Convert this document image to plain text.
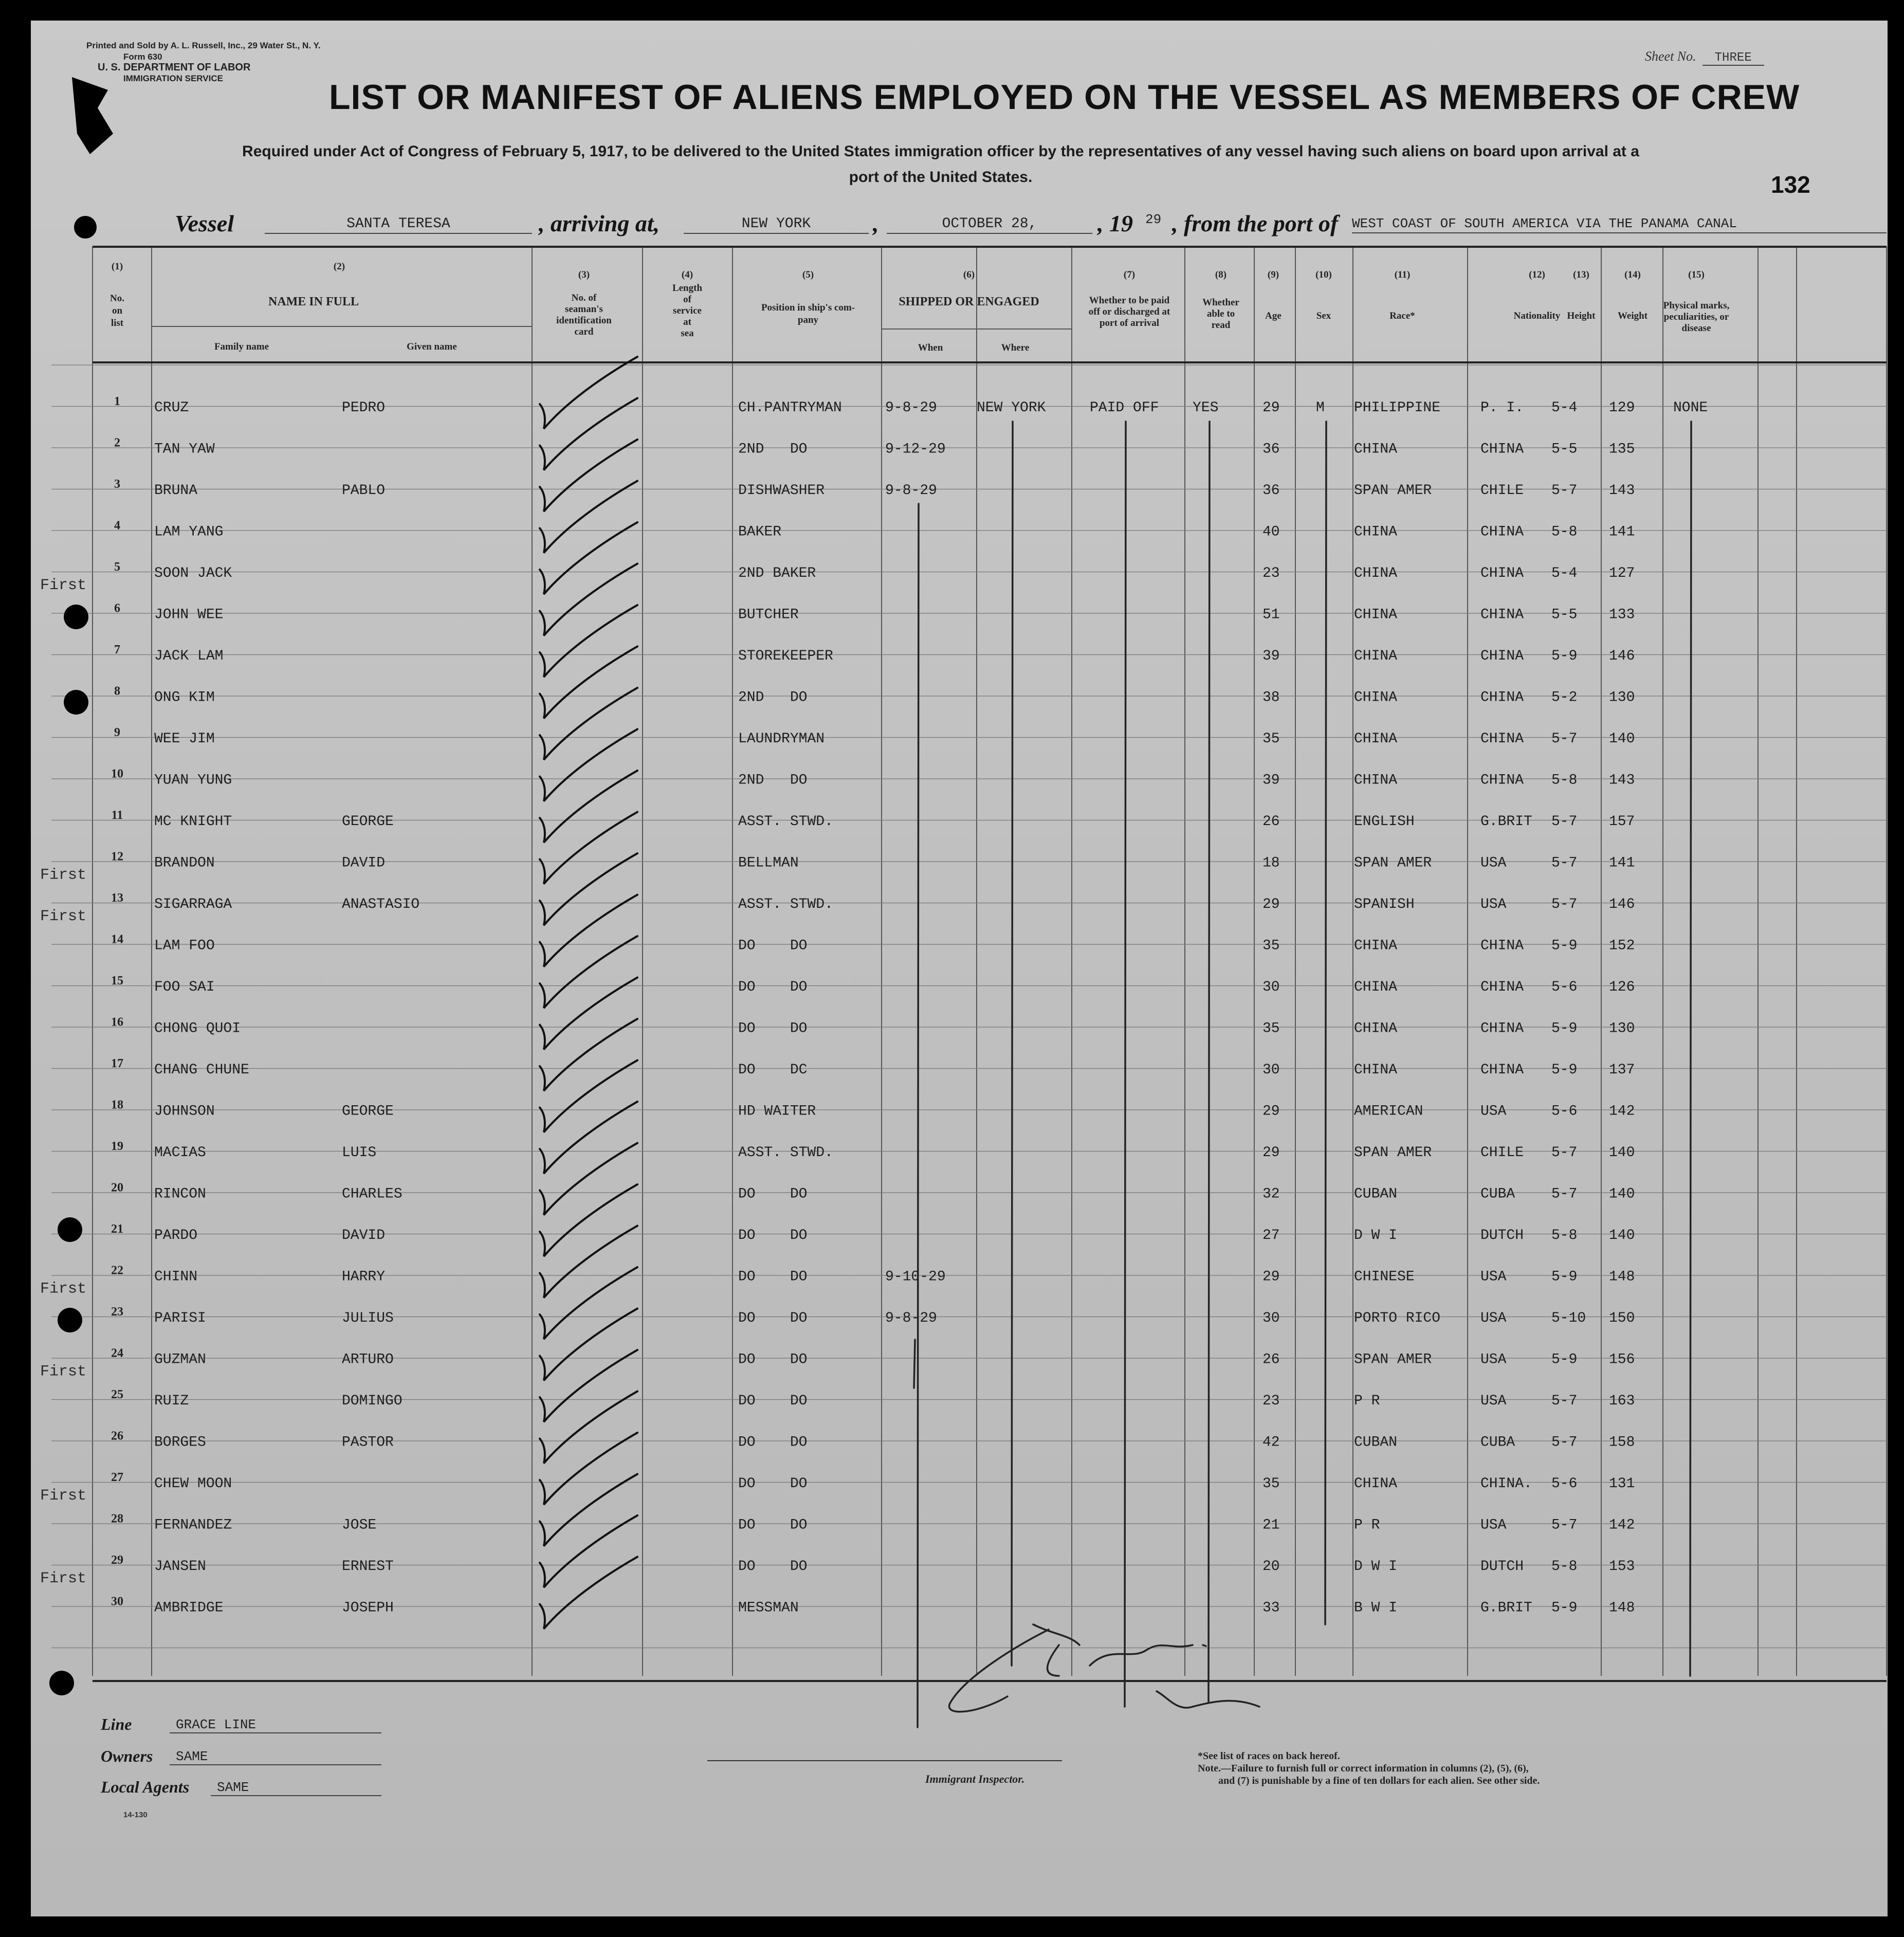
Printed and Sold by A. L. Russell, Inc., 29 Water St., N. Y.
Form 630
U. S. DEPARTMENT OF LABOR
IMMIGRATION SERVICE
Sheet No. THREE
LIST OR MANIFEST OF ALIENS EMPLOYED ON THE VESSEL AS MEMBERS OF CREW
Required under Act of Congress of February 5, 1917, to be delivered to the United States immigration officer by the representatives of any vessel having such aliens on board upon arrival at a
port of the United States.	132
Vessel	SANTA TERESA	, arriving at,	NEW YORK	,	OCTOBER 28,	, 19 29 , from the port of WEST COAST OF SOUTH AMERICA VIA THE PANAMA CANAL
(1)
No.
on
list
(2)
NAME IN FULL
Family name	Given name
(3)
No. of
seaman's
identification
card
(4)
Length
of
service
at
sea
(5)
Position in ship's com-
pany
(6)
SHIPPED OR ENGAGED
When	Where
(7)
Whether to be paid
off or discharged at
port of arrival
(8)
Whether
able to
read
(9)
Age
(10)
Sex
(11)
Race*
(12)
Nationality
(13)
Height
(14)
Weight
(15)
Physical marks,
peculiarities, or
disease
1 CRUZ	PEDRO	CH.PANTRYMAN	9-8-29	NEW YORK	PAID OFF YES	29	M PHILIPPINE	P. I. 5-4 129	NONE
2 TAN YAW	2ND   DO	9-12-29	36	CHINA	CHINA 5-5 135
3 BRUNA	PABLO	DISHWASHER	9-8-29	36	SPAN AMER	CHILE 5-7 143
4 LAM YANG	BAKER	40	CHINA	CHINA 5-8 141
5 SOON JACK	2ND BAKER	23	CHINA	CHINA 5-4 127
First
6 JOHN WEE	BUTCHER	51	CHINA	CHINA 5-5 133
7 JACK LAM	STOREKEEPER	39	CHINA	CHINA 5-9 146
8 ONG KIM	2ND   DO	38	CHINA	CHINA 5-2 130
9 WEE JIM	LAUNDRYMAN	35	CHINA	CHINA 5-7 140
10 YUAN YUNG	2ND   DO	39	CHINA	CHINA 5-8 143
11 MC KNIGHT	GEORGE	ASST. STWD.	26	ENGLISH	G.BRIT 5-7 157
12 BRANDON	DAVID	BELLMAN	18	SPAN AMER	USA	5-7 141
First
13 SIGARRAGA	ANASTASIO	ASST. STWD.	29	SPANISH	USA	5-7 146
First
14 LAM FOO	DO    DO	35	CHINA	CHINA 5-9 152
15 FOO SAI	DO    DO	30	CHINA	CHINA 5-6 126
16 CHONG QUOI	DO    DO	35	CHINA	CHINA 5-9 130
17 CHANG CHUNE	DO    DC	30	CHINA	CHINA 5-9 137
18 JOHNSON	GEORGE	HD WAITER	29	AMERICAN	USA	5-6 142
19 MACIAS	LUIS	ASST. STWD.	29	SPAN AMER	CHILE 5-7 140
20 RINCON	CHARLES	DO    DO	32	CUBAN	CUBA	5-7 140
21 PARDO	DAVID	DO    DO	27	D W I	DUTCH 5-8 140
22 CHINN	HARRY	DO    DO	9-10-29	29	CHINESE	USA	5-9 148
First
23 PARISI	JULIUS	DO    DO	9-8-29	30	PORTO RICO	USA	5-10 150
24 GUZMAN	ARTURO	DO    DO	26	SPAN AMER	USA	5-9 156
First
25 RUIZ	DOMINGO	DO    DO	23	P R	USA	5-7 163
26 BORGES	PASTOR	DO    DO	42	CUBAN	CUBA	5-7 158
27 CHEW MOON	DO    DO	35	CHINA	CHINA. 5-6 131
First
28 FERNANDEZ	JOSE	DO    DO	21	P R	USA	5-7 142
29 JANSEN	ERNEST	DO    DO	20	D W I	DUTCH 5-8 153
First
30 AMBRIDGE	JOSEPH	MESSMAN	33	B W I	G.BRIT 5-9 148
Line	GRACE LINE
Owners	SAME
Local Agents	SAME
Immigrant Inspector.
*See list of races on back hereof.
Note.—Failure to furnish full or correct information in columns (2), (5), (6),
and (7) is punishable by a fine of ten dollars for each alien. See other side.
14-130
